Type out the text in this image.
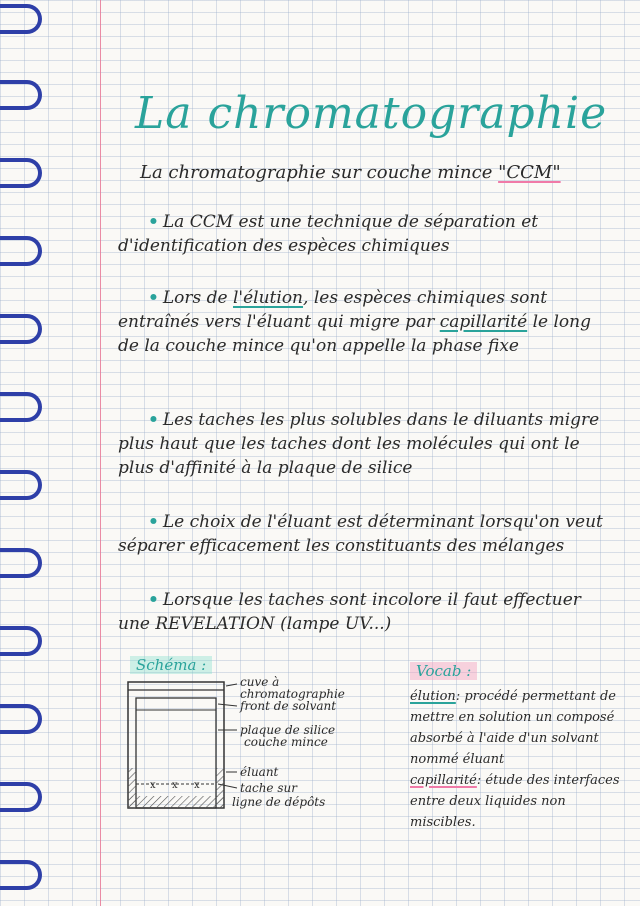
La chromatographie
La chromatographie sur couche mince "CCM"
• La CCM est une technique de séparation et d'identification des espèces chimiques
• Lors de l'élution, les espèces chimiques sont entraînés vers l'éluant qui migre par capillarité le long de la couche mince qu'on appelle la phase fixe
• Les taches les plus solubles dans le diluants migre plus haut que les taches dont les molécules qui ont le plus d'affinité à la plaque de silice
• Le choix de l'éluant est déterminant lorsqu'on veut séparer efficacement les constituants des mélanges
• Lorsque les taches sont incolore il faut effectuer une REVELATION (lampe UV...)
Schéma :	Vocab :
x x x
cuve à
chromatographie
front de solvant
plaque de silice
couche mince
éluant
tache sur
ligne de dépôts
élution: procédé permettant de mettre en solution un composé absorbé à l'aide d'un solvant nommé éluant
capillarité: étude des interfaces entre deux liquides non miscibles.
